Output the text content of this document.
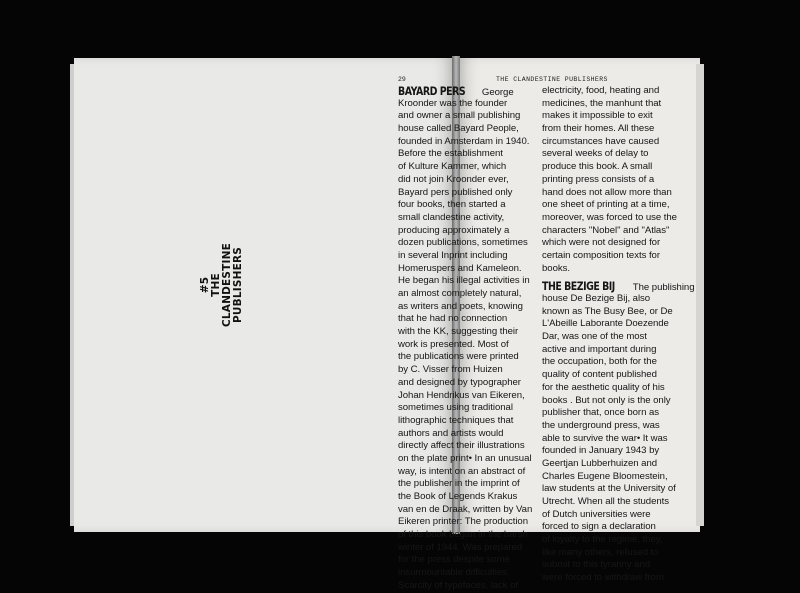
#5 THE CLANDESTINE PUBLISHERS
29	THE CLANDESTINE PUBLISHERS
BAYARD PERS George
Kroonder was the founder
and owner a small publishing
house called Bayard People,
founded in Amsterdam in 1940.
Before the establishment
of Kulture Kammer, which
did not join Kroonder ever,
Bayard pers published only
four books, then started a
small clandestine activity,
producing approximately a
dozen publications, sometimes
in several Inprint including
Homeruspers and Kameleon.
He began his illegal activities in
an almost completely natural,
as writers and poets, knowing
that he had no connection
with the KK, suggesting their
work is presented. Most of
the publications were printed
by C. Visser from Huizen
and designed by typographer
Johan Hendrikus van Eikeren,
sometimes using traditional
lithographic techniques that
authors and artists would
directly affect their illustrations
on the plate print• In an unusual
way, is intent on an abstract of
the publisher in the imprint of
the Book of Legends Krakus
van en de Draak, written by Van
Eikeren printer: The production
of this book began in the harsh
winter of 1944. Was prepared
for the press despite some
insurmountable difficulties.
Scarcity of typefaces, lack of
electricity, food, heating and
medicines, the manhunt that
makes it impossible to exit
from their homes. All these
circumstances have caused
several weeks of delay to
produce this book. A small
printing press consists of a
hand does not allow more than
one sheet of printing at a time,
moreover, was forced to use the
characters "Nobel" and "Atlas"
which were not designed for
certain composition texts for
books.
THE BEZIGE BIJ The publishing
house De Bezige Bij, also
known as The Busy Bee, or De
L'Abeille Laborante Doezende
Dar, was one of the most
active and important during
the occupation, both for the
quality of content published
for the aesthetic quality of his
books . But not only is the only
publisher that, once born as
the underground press, was
able to survive the war• It was
founded in January 1943 by
Geertjan Lubberhuizen and
Charles Eugene Bloomestein,
law students at the University of
Utrecht. When all the students
of Dutch universities were
forced to sign a declaration
of loyalty to the regime, they,
like many others, refused to
submit to this tyranny and
were forced to withdraw from
